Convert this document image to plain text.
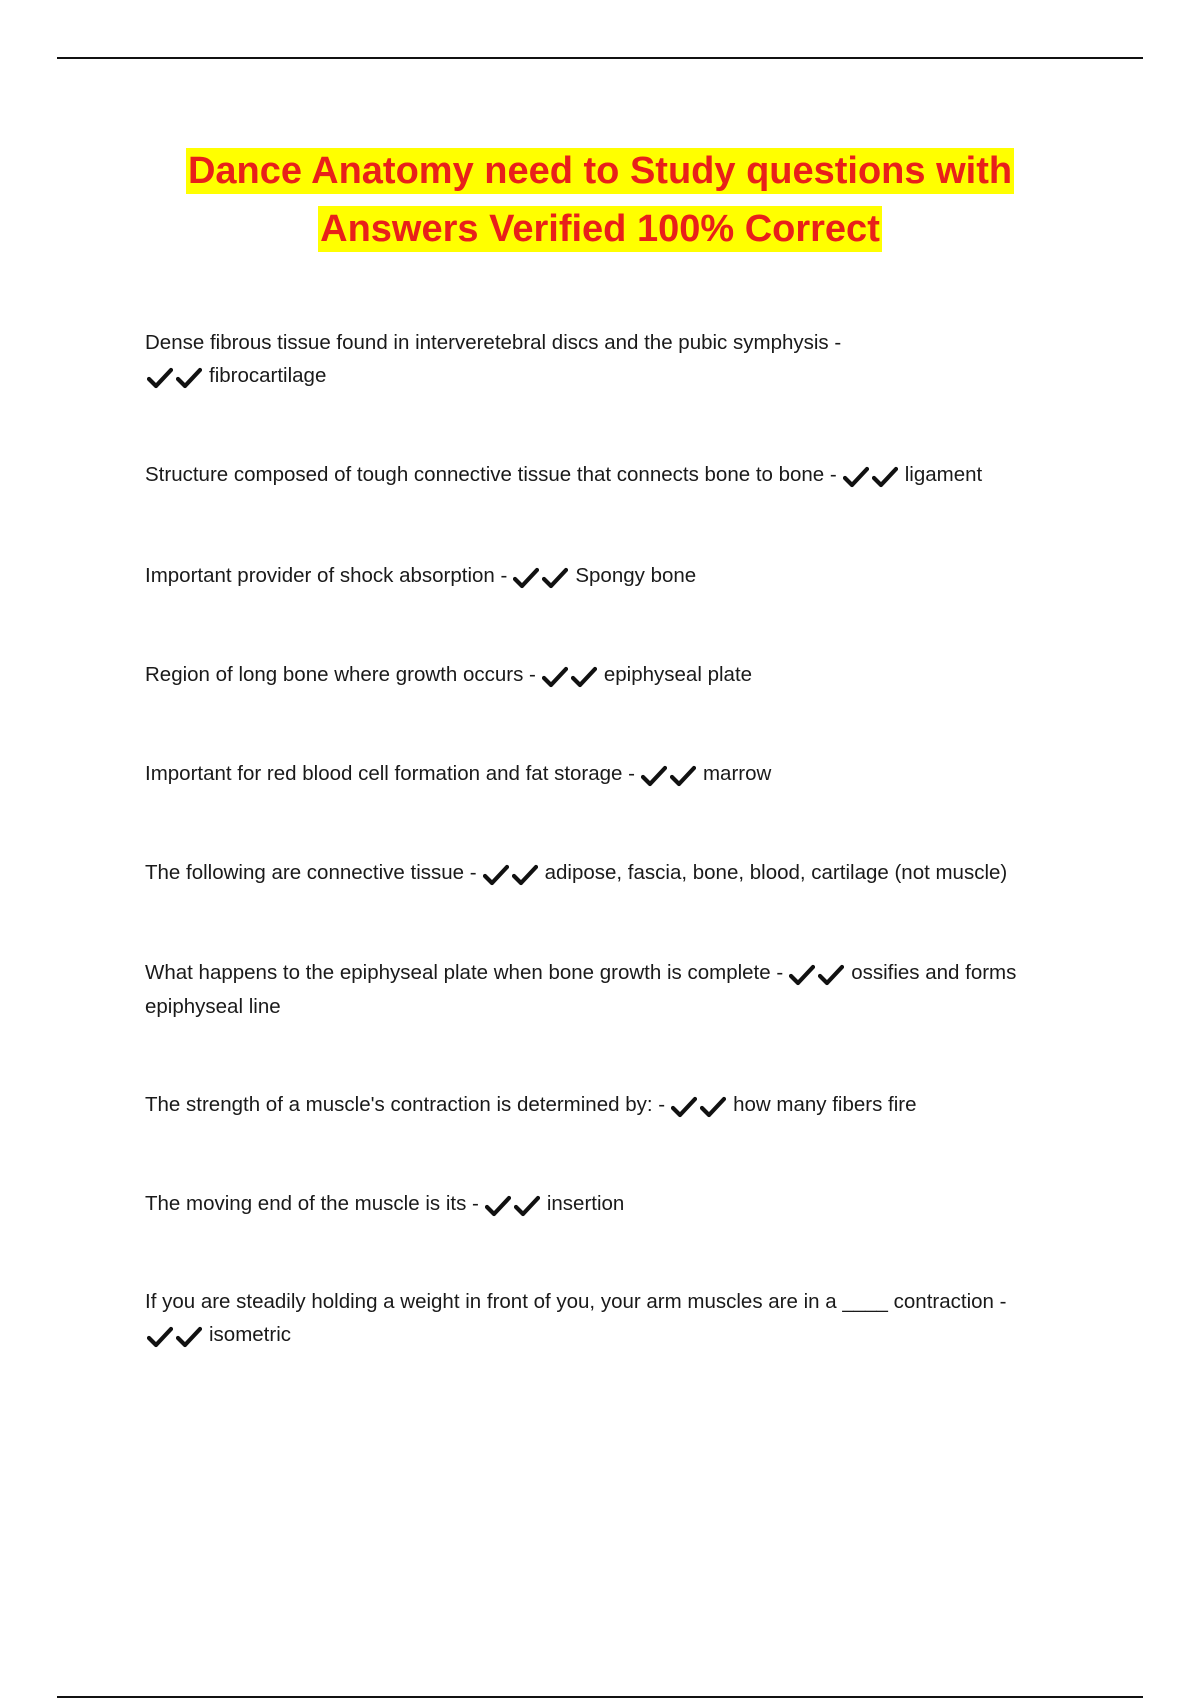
Dance Anatomy need to Study questions with
Answers Verified 100% Correct
Dense fibrous tissue found in interveretebral discs and the pubic symphysis -
fibrocartilage
Structure composed of tough connective tissue that connects bone to bone -	ligament
Important provider of shock absorption -	Spongy bone
Region of long bone where growth occurs -	epiphyseal plate
Important for red blood cell formation and fat storage -	marrow
The following are connective tissue -	adipose, fascia, bone, blood, cartilage (not muscle)
What happens to the epiphyseal plate when bone growth is complete -	ossifies and forms epiphyseal line
The strength of a muscle's contraction is determined by: -	how many fibers fire
The moving end of the muscle is its -	insertion
If you are steadily holding a weight in front of you, your arm muscles are in a ____ contraction -
isometric
